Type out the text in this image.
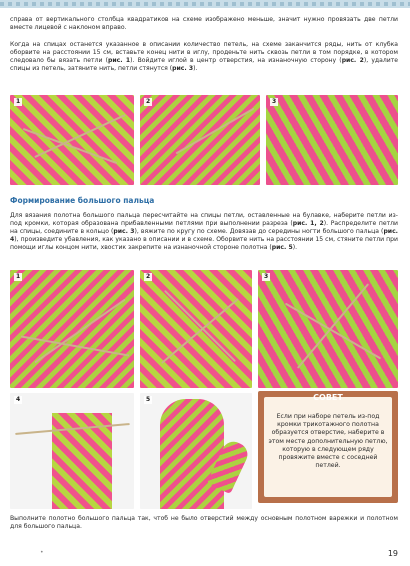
справа от вертикального столбца квадратиков на схеме изображено меньше, значит нужно провязать две петли вместе лицевой с наклоном вправо.

Когда на спицах останется указанное в описании количество петель, на схеме заканчится ряды, нить от клубка оборвите на расстоянии 15 см, вставьте конец нити в иглу, проденьте нить сквозь петли в том порядке, в котором следовало бы вязать петли (рис. 1). Войдите иглой в центр отверстия, на изнаночную сторону (рис. 2), удалите спицы из петель, затяните нить, петли стянутся (рис. 3).

1	2	3
Формирование большого пальца

Для вязания полотна большого пальца пересчитайте на спицы петли, оставленные на булавке, наберите петли из-под кромки, которая образована прибавленными петлями при выполнении разреза (рис. 1, 2). Распределите петли на спицы, соедините в кольцо (рис. 3), вяжите по кругу по схеме. Довязав до середины ногти большого пальца (рис. 4), произведите убавления, как указано в описании и в схеме. Оборвите нить на расстоянии 15 см, стяните петли при помощи иглы концом нити, хвостик закрепите на изнаночной стороне полотна (рис. 5).

1	2	3
4	5	СОВЕТ

Если при наборе петель из-под кромки трикотажного полотна образуется отверстие, наберите в этом месте дополнительную петлю, которую в следующем ряду провяжите вместе с соседней петлей.

Выполните полотно большого пальца так, чтоб не было отверстий между основным полотном варежки и полотном для большого пальца.

•	19
